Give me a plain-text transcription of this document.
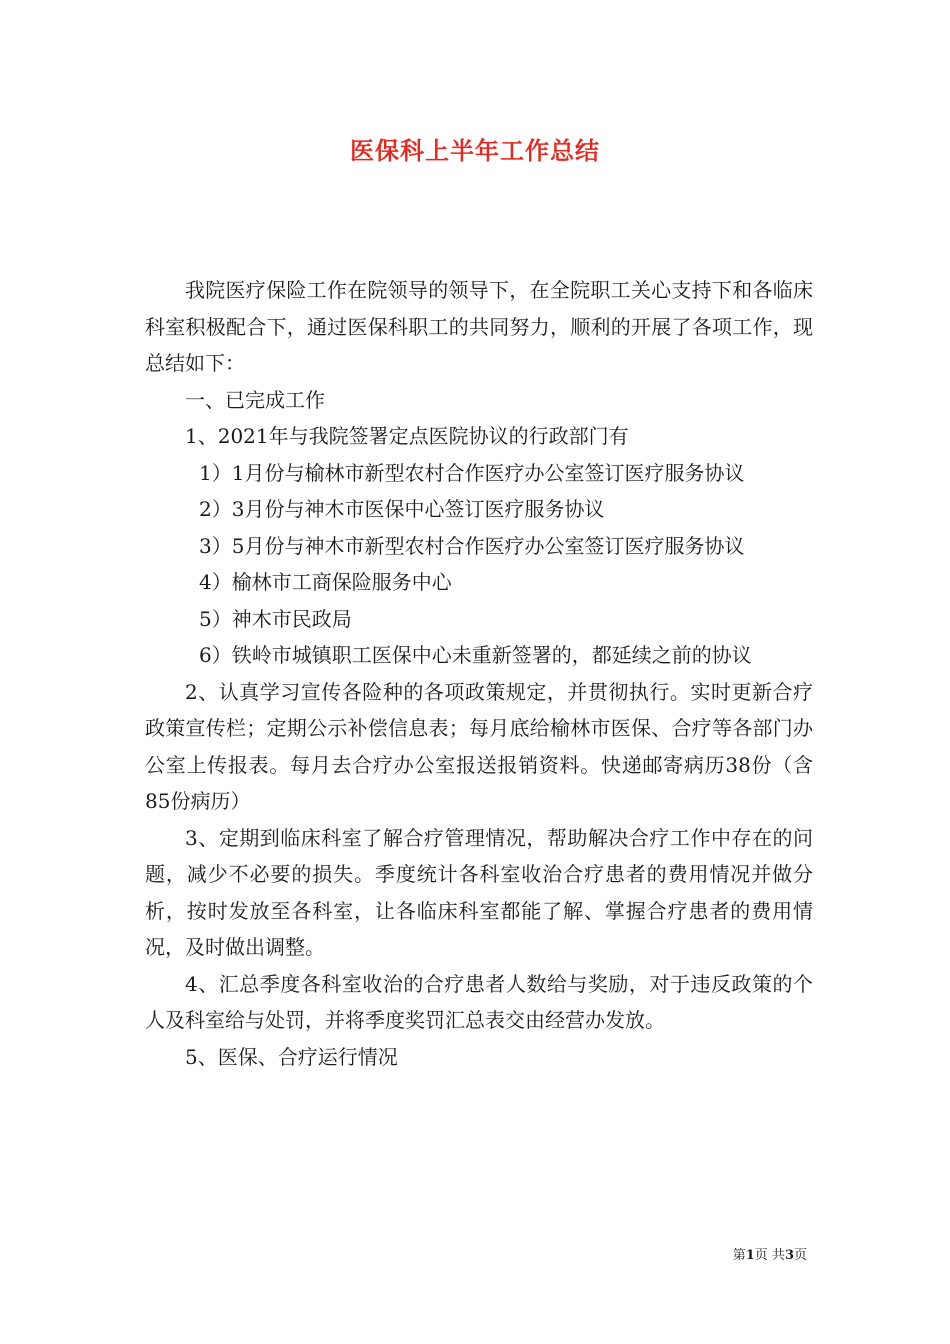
医保科上半年工作总结

我院医疗保险工作在院领导的领导下，在全院职工关心支持下和各临床科室积极配合下，通过医保科职工的共同努力，顺利的开展了各项工作，现总结如下：

一、已完成工作

1、2021年与我院签署定点医院协议的行政部门有

1）1月份与榆林市新型农村合作医疗办公室签订医疗服务协议

2）3月份与神木市医保中心签订医疗服务协议

3）5月份与神木市新型农村合作医疗办公室签订医疗服务协议

4）榆林市工商保险服务中心

5）神木市民政局

6）铁岭市城镇职工医保中心未重新签署的，都延续之前的协议

2、认真学习宣传各险种的各项政策规定，并贯彻执行。实时更新合疗政策宣传栏；定期公示补偿信息表；每月底给榆林市医保、合疗等各部门办公室上传报表。每月去合疗办公室报送报销资料。快递邮寄病历38份（含85份病历）

3、定期到临床科室了解合疗管理情况，帮助解决合疗工作中存在的问题，减少不必要的损失。季度统计各科室收治合疗患者的费用情况并做分析，按时发放至各科室，让各临床科室都能了解、掌握合疗患者的费用情况，及时做出调整。

4、汇总季度各科室收治的合疗患者人数给与奖励，对于违反政策的个人及科室给与处罚，并将季度奖罚汇总表交由经营办发放。

5、医保、合疗运行情况

第1页 共3页
